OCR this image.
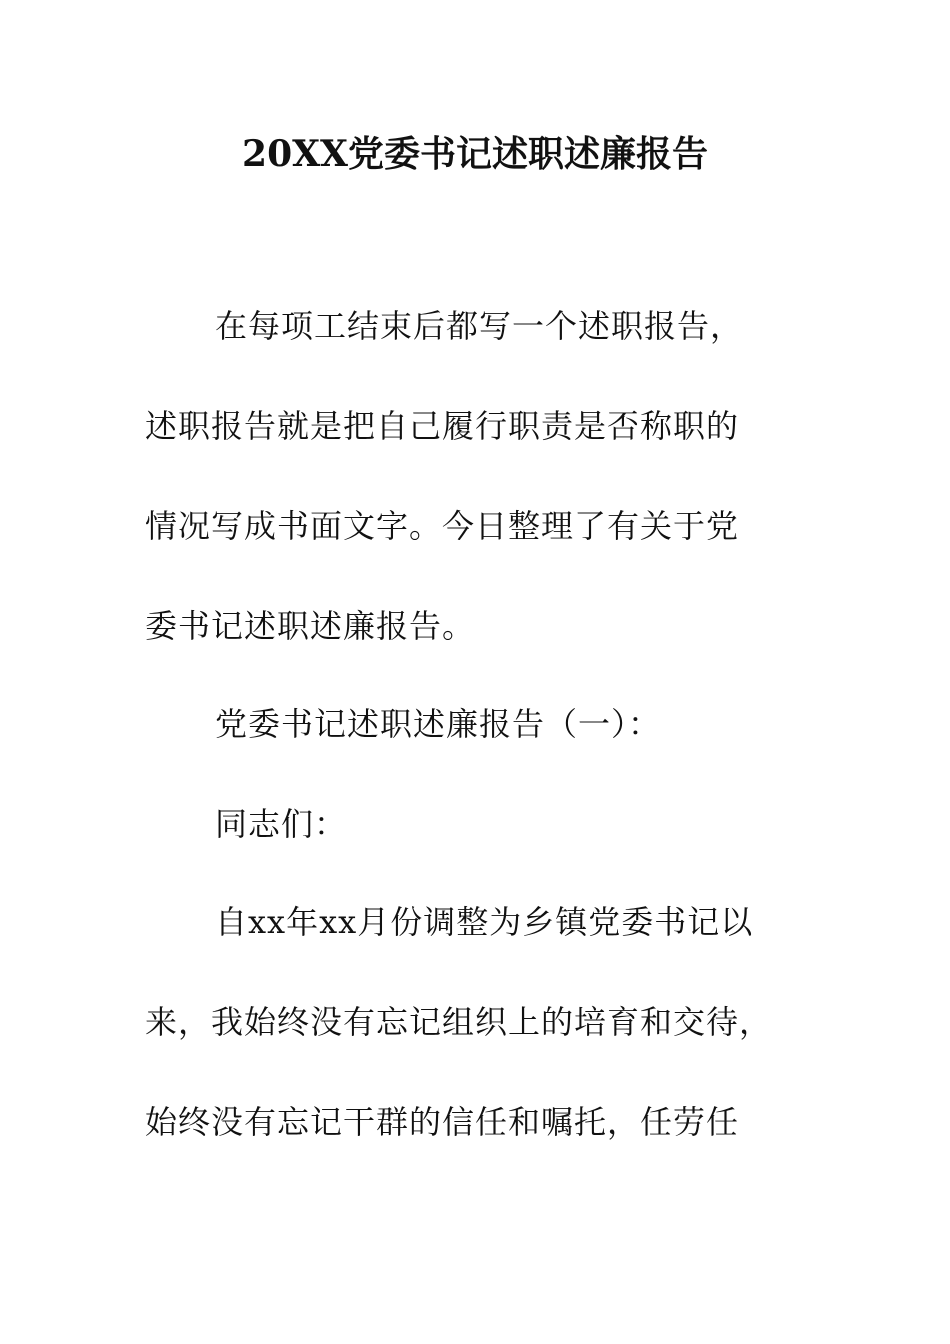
20XX党委书记述职述廉报告
在每项工结束后都写一个述职报告，
述职报告就是把自己履行职责是否称职的
情况写成书面文字。今日整理了有关于党
委书记述职述廉报告。
党委书记述职述廉报告（一）：
同志们：
自xx年xx月份调整为乡镇党委书记以
来，我始终没有忘记组织上的培育和交待，
始终没有忘记干群的信任和嘱托，任劳任
